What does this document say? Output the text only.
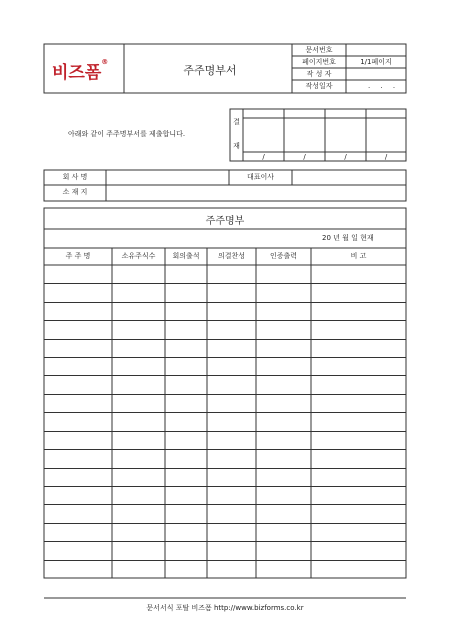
비즈폼®
주주명부서
문서번호
페이지번호	1/1페이지
작 성 자
작성일자	. . .
아래와 같이 주주명부서를 제출합니다.
결
재
/	/	/	/
회 사 명	대표이사
소 재 지
주주명부
20 년 월 일 현재
주 주 명	소유주식수	회의출석	의결찬성	인증출력	비 고
문서서식 포탈 비즈폼 http://www.bizforms.co.kr
